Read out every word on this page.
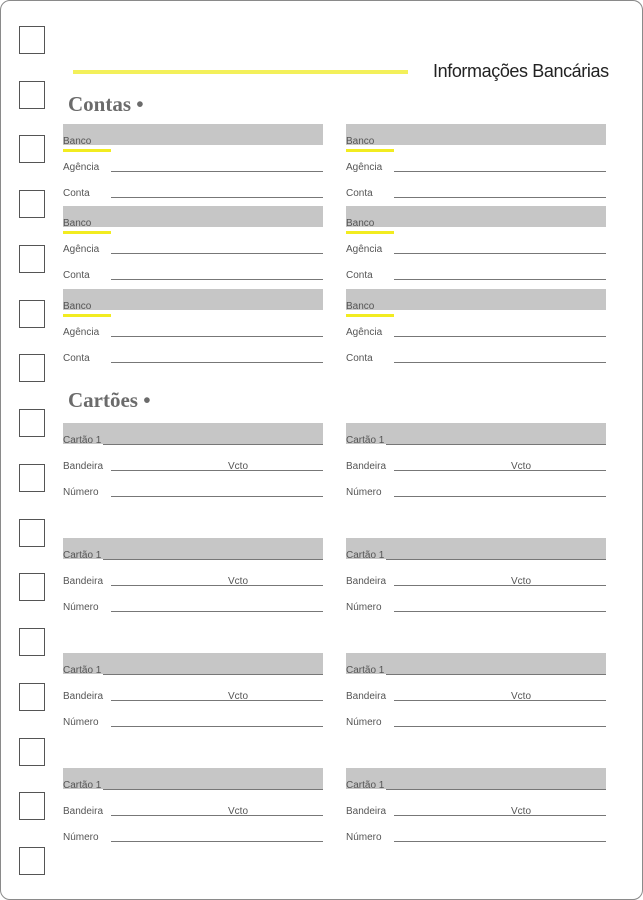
Informações Bancárias
Contas •
Banco
Agência
Conta
Banco
Agência
Conta
Banco
Agência
Conta
Banco
Agência
Conta
Banco
Agência
Conta
Banco
Agência
Conta
Cartões •
Cartão 1
Bandeira	Vcto
Número
Cartão 1
Bandeira	Vcto
Número
Cartão 1
Bandeira	Vcto
Número
Cartão 1
Bandeira	Vcto
Número
Cartão 1
Bandeira	Vcto
Número
Cartão 1
Bandeira	Vcto
Número
Cartão 1
Bandeira	Vcto
Número
Cartão 1
Bandeira	Vcto
Número
